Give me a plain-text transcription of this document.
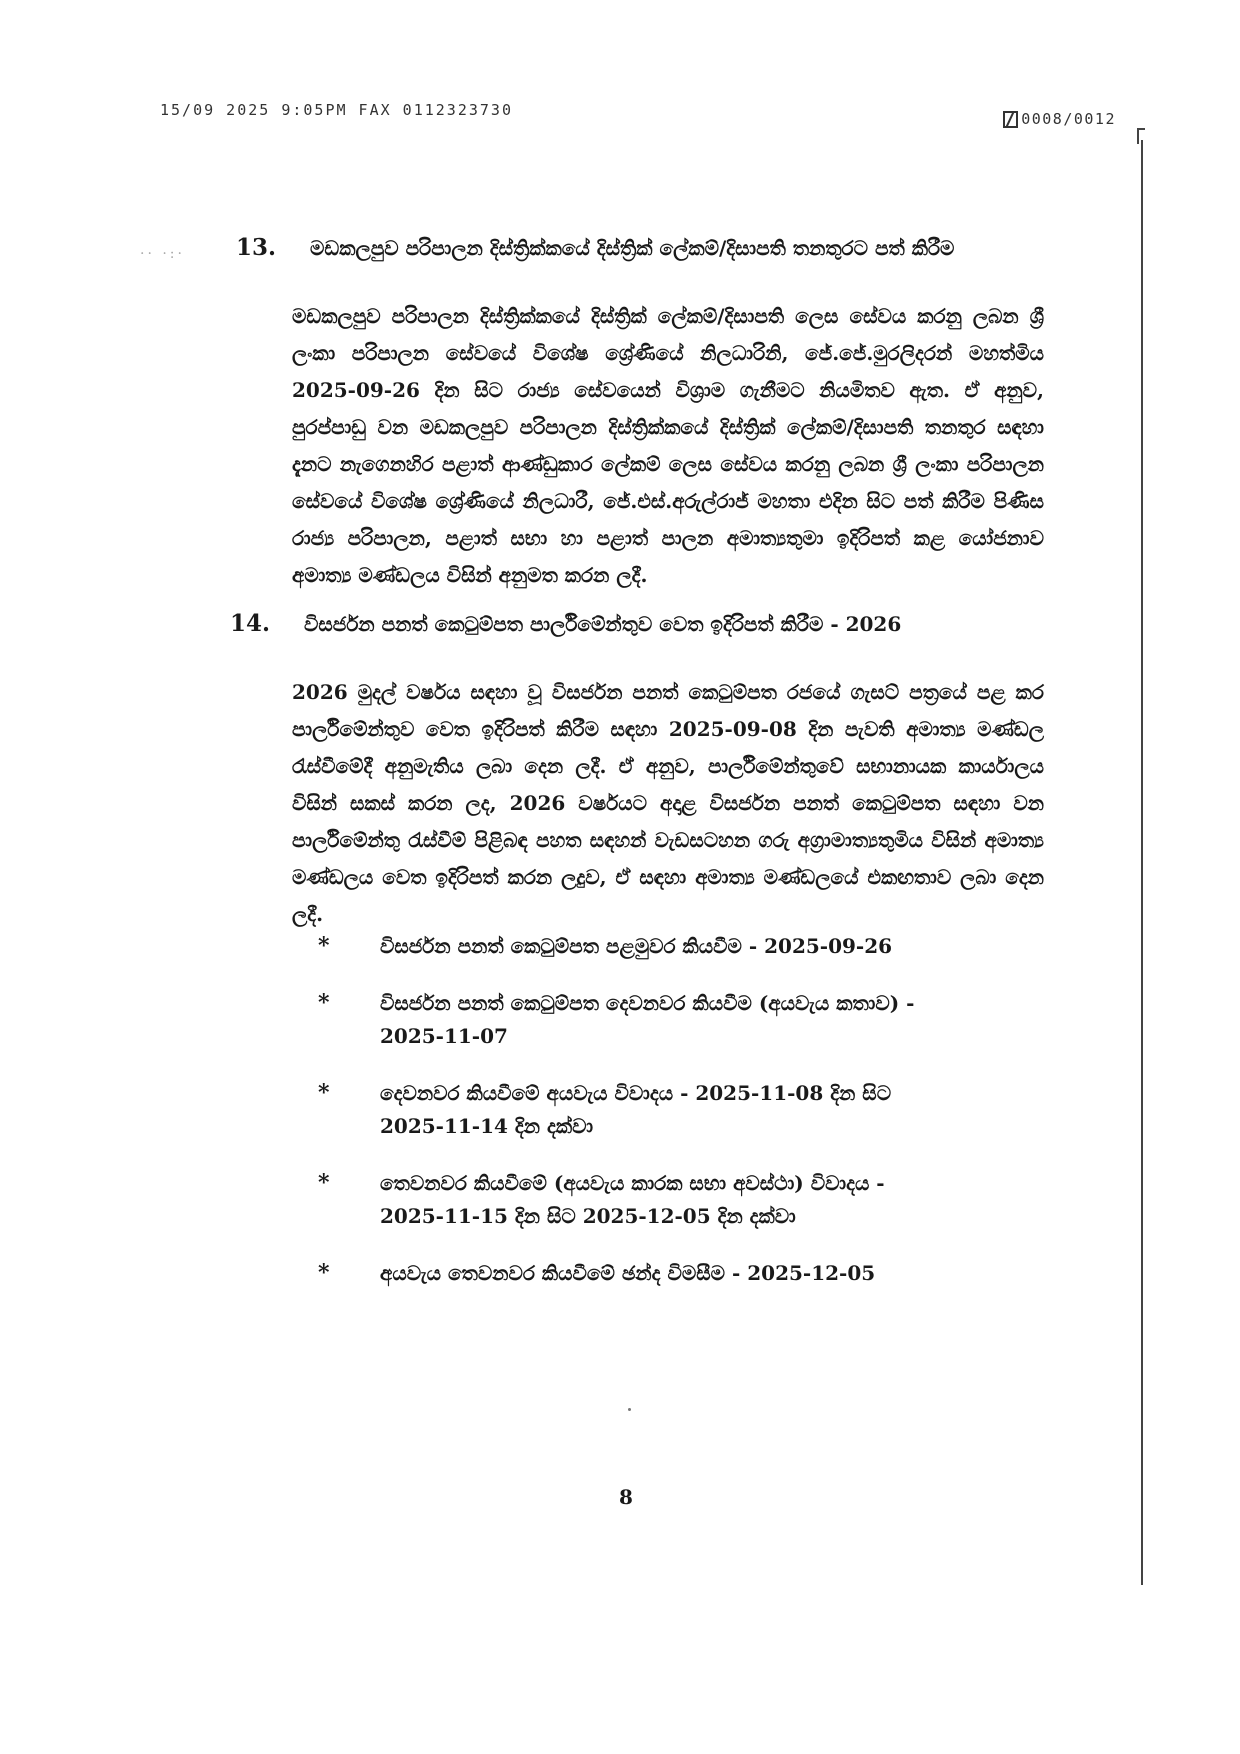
15/09 2025 9:05PM FAX 0112323730	0008/0012
·· ·:· 13. මඩකලපුව පරිපාලන දිස්ත්‍රික්කයේ දිස්ත්‍රික් ලේකම්/දිසාපති තනතුරට පත් කිරීම
මඩකලපුව පරිපාලන දිස්ත්‍රික්කයේ දිස්ත්‍රික් ලේකම්/දිසාපති ලෙස සේවය කරනු ලබන ශ්‍රී ලංකා පරිපාලන සේවයේ විශේෂ ශ්‍රේණියේ නිලධාරිනි, ජේ.ජේ.මුරලිදරන් මහත්මිය 2025-09-26 දින සිට රාජ්‍ය සේවයෙන් විශ්‍රාම ගැනීමට නියමිතව ඇත. ඒ අනුව, පුරප්පාඩු වන මඩකලපුව පරිපාලන දිස්ත්‍රික්කයේ දිස්ත්‍රික් ලේකම්/දිසාපති තනතුර සඳහා දැනට නැගෙනහිර පළාත් ආණ්ඩුකාර ලේකම් ලෙස සේවය කරනු ලබන ශ්‍රී ලංකා පරිපාලන සේවයේ විශේෂ ශ්‍රේණියේ නිලධාරී, ජේ.එස්.අරුල්රාජ් මහතා එදින සිට පත් කිරීම පිණිස රාජ්‍ය පරිපාලන, පළාත් සභා හා පළාත් පාලන අමාත්‍යතුමා ඉදිරිපත් කළ යෝජනාව අමාත්‍ය මණ්ඩලය විසින් අනුමත කරන ලදී.
14. විසර්ජන පනත් කෙටුම්පත පාර්ලිමේන්තුව වෙත ඉදිරිපත් කිරීම - 2026
2026 මුදල් වර්ෂය සඳහා වූ විසර්ජන පනත් කෙටුම්පත රජයේ ගැසට් පත්‍රයේ පළ කර පාර්ලිමේන්තුව වෙත ඉදිරිපත් කිරීම සඳහා 2025-09-08 දින පැවති අමාත්‍ය මණ්ඩල රැස්වීමේදී අනුමැතිය ලබා දෙන ලදී. ඒ අනුව, පාර්ලිමේන්තුවේ සභානායක කාර්යාලය විසින් සකස් කරන ලද, 2026 වර්ෂයට අදාළ විසර්ජන පනත් කෙටුම්පත සඳහා වන පාර්ලිමේන්තු රැස්වීම් පිළිබඳ පහත සඳහන් වැඩසටහන ගරු අග්‍රාමාත්‍යතුමිය විසින් අමාත්‍ය මණ්ඩලය වෙත ඉදිරිපත් කරන ලදුව, ඒ සඳහා අමාත්‍ය මණ්ඩලයේ එකඟතාව ලබා දෙන ලදී.
*	විසර්ජන පනත් කෙටුම්පත පළමුවර කියවීම - 2025-09-26
*	විසර්ජන පනත් කෙටුම්පත දෙවනවර කියවීම (අයවැය කතාව) - 2025-11-07
*	දෙවනවර කියවීමේ අයවැය විවාදය - 2025-11-08 දින සිට 2025-11-14 දින දක්වා
*	තෙවනවර කියවීමේ (අයවැය කාරක සභා අවස්ථා) විවාදය - 2025-11-15 දින සිට 2025-12-05 දින දක්වා
*	අයවැය තෙවනවර කියවීමේ ඡන්ද විමසීම - 2025-12-05
8
